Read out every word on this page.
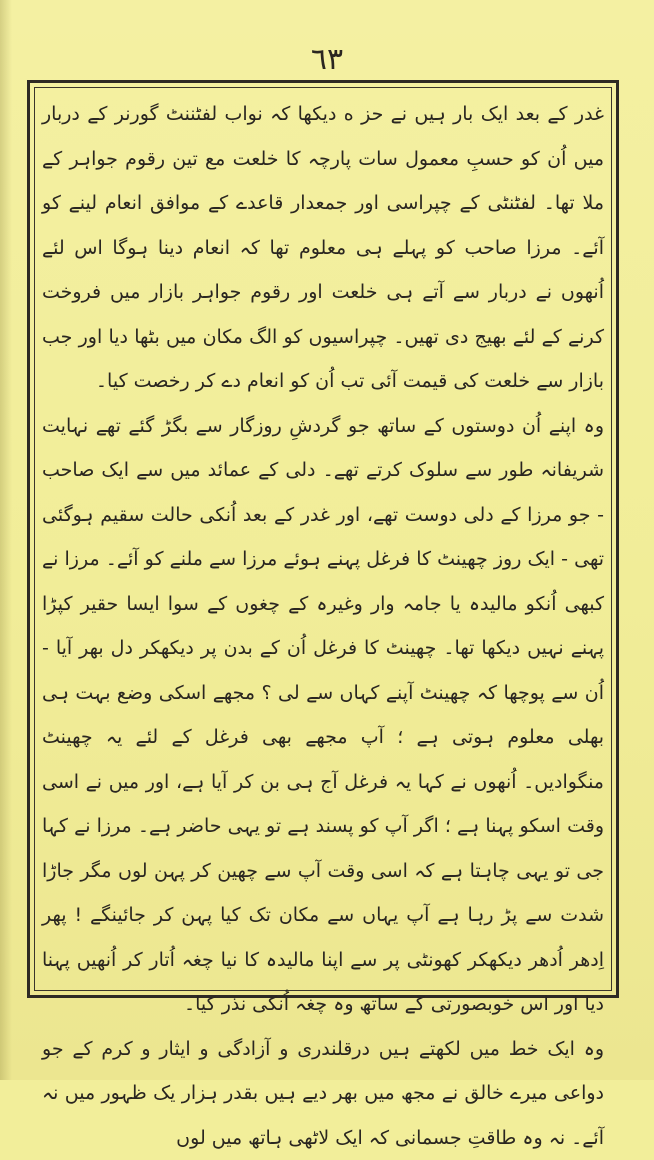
٦٣

غدر کے بعد ایک بار ہیں نے حز ه دیکھا کہ نواب لفٹننٹ گورنر کے دربار میں اُن کو حسبِ معمول سات پارچہ کا خلعت مع تین رقوم جواہر کے ملا تھا۔ لفٹنٹی کے چپراسی اور جمعدار قاعدے کے موافق انعام لینے کو آئے۔ مرزا صاحب کو پہلے ہی معلوم تھا کہ انعام دینا ہوگا اس لئے اُنھوں نے دربار سے آتے ہی خلعت اور رقوم جواہر بازار میں فروخت کرنے کے لئے بھیج دی تھیں۔ چپراسیوں کو الگ مکان میں بٹھا دیا اور جب بازار سے خلعت کی قیمت آئی تب اُن کو انعام دے کر رخصت کیا۔

وہ اپنے اُن دوستوں کے ساتھ جو گردشِ روزگار سے بگڑ گئے تھے نہایت شریفانہ طور سے سلوک کرتے تھے۔ دلی کے عمائد میں سے ایک صاحب - جو مرزا کے دلی دوست تھے، اور غدر کے بعد اُنکی حالت سقیم ہوگئی تھی - ایک روز چھینٹ کا فرغل پہنے ہوئے مرزا سے ملنے کو آئے۔ مرزا نے کبھی اُنکو مالیدہ یا جامہ وار وغیرہ کے چغوں کے سوا ایسا حقیر کپڑا پہنے نہیں دیکھا تھا۔ چھینٹ کا فرغل اُن کے بدن پر دیکھکر دل بھر آیا - اُن سے پوچھا کہ چھینٹ آپنے کہاں سے لی ؟ مجھے اسکی وضع بہت ہی بھلی معلوم ہوتی ہے ؛ آپ مجھے بھی فرغل کے لئے یہ چھینٹ منگوادیں۔ اُنھوں نے کہا یہ فرغل آج ہی بن کر آیا ہے، اور میں نے اسی وقت اسکو پہنا ہے ؛ اگر آپ کو پسند ہے تو یہی حاضر ہے۔ مرزا نے کہا جی تو یہی چاہتا ہے کہ اسی وقت آپ سے چھین کر پہن لوں مگر جاڑا شدت سے پڑ رہا ہے آپ یہاں سے مکان تک کیا پہن کر جائینگے ! پھر اِدھر اُدھر دیکھکر کھونٹی پر سے اپنا مالیدہ کا نیا چغہ اُتار کر اُنھیں پہنا دیا اور اس خوبصورتی کے ساتھ وہ چغہ اُنکی نذر کیا۔

وہ ایک خط میں لکھتے ہیں درقلندری و آزادگی و ایثار و کرم کے جو دواعی میرے خالق نے مجھ میں بھر دیے ہیں بقدر ہزار یک ظہور میں نہ آئے۔ نہ وہ طاقتِ جسمانی کہ ایک لاٹھی ہاتھ میں لوں
